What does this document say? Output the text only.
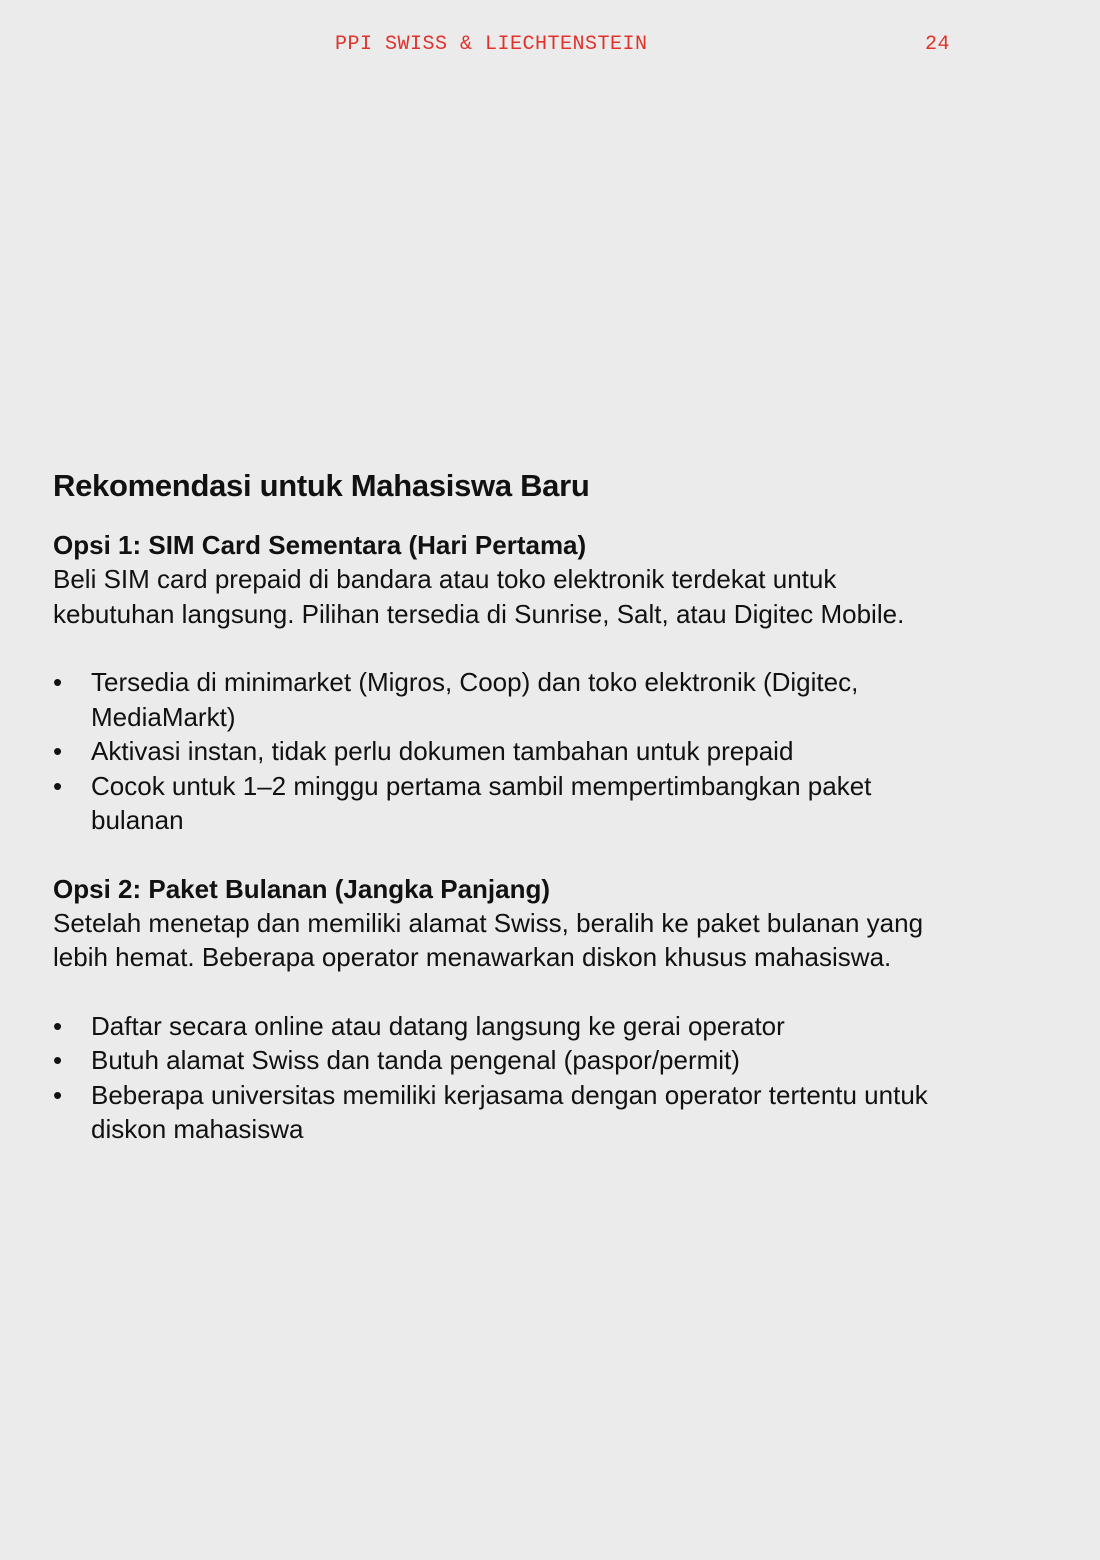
PPI SWISS & LIECHTENSTEIN	24
Rekomendasi untuk Mahasiswa Baru

Opsi 1: SIM Card Sementara (Hari Pertama)

Beli SIM card prepaid di bandara atau toko elektronik terdekat untuk kebutuhan langsung. Pilihan tersedia di Sunrise, Salt, atau Digitec Mobile.

• Tersedia di minimarket (Migros, Coop) dan toko elektronik (Digitec, MediaMarkt)
• Aktivasi instan, tidak perlu dokumen tambahan untuk prepaid
• Cocok untuk 1–2 minggu pertama sambil mempertimbangkan paket bulanan

Opsi 2: Paket Bulanan (Jangka Panjang)

Setelah menetap dan memiliki alamat Swiss, beralih ke paket bulanan yang lebih hemat. Beberapa operator menawarkan diskon khusus mahasiswa.

• Daftar secara online atau datang langsung ke gerai operator
• Butuh alamat Swiss dan tanda pengenal (paspor/permit)
• Beberapa universitas memiliki kerjasama dengan operator tertentu untuk diskon mahasiswa
